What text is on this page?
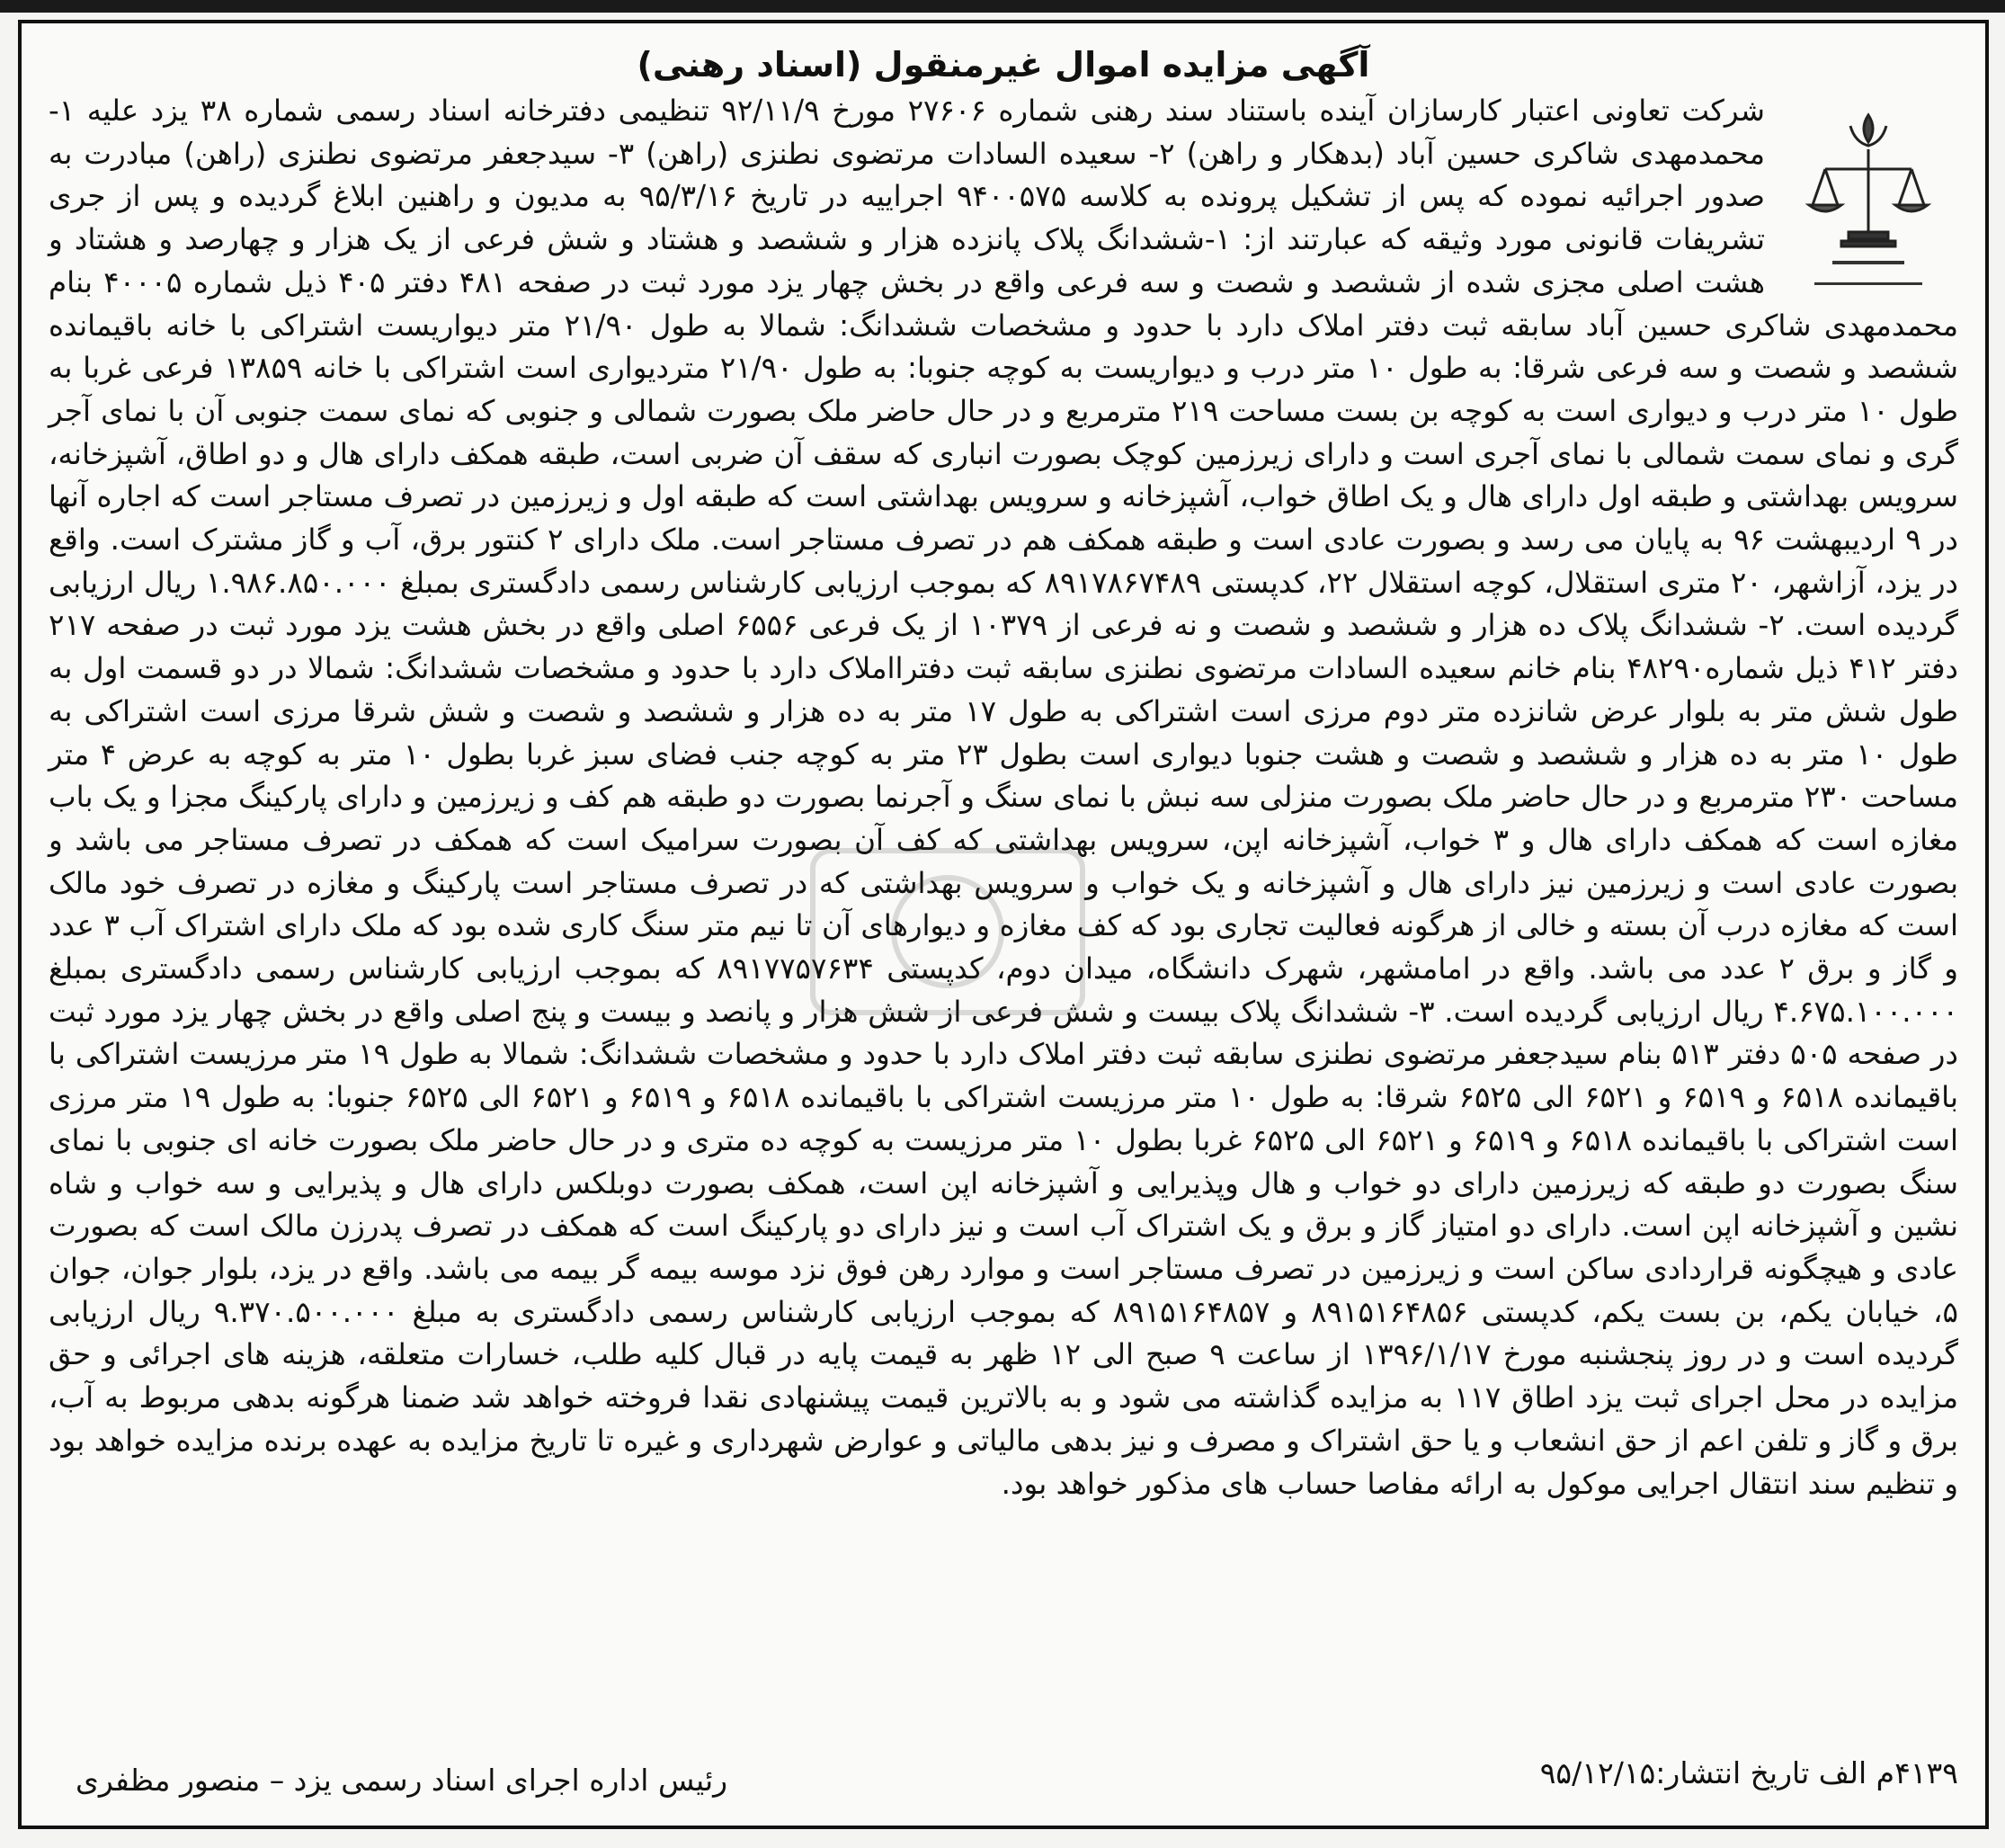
آگهی مزایده اموال غیرمنقول (اسناد رهنی)
شرکت تعاونی اعتبار کارسازان آینده باستناد سند رهنی شماره ۲۷۶۰۶ مورخ ۹۲/۱۱/۹ تنظیمی دفترخانه اسناد رسمی شماره ۳۸ یزد علیه ۱- محمدمهدی شاکری حسین آباد (بدهکار و راهن) ۲- سعیده السادات مرتضوی نطنزی (راهن) ۳- سیدجعفر مرتضوی نطنزی (راهن) مبادرت به صدور اجرائیه نموده که پس از تشکیل پرونده به کلاسه ۹۴۰۰۵۷۵ اجراییه در تاریخ ۹۵/۳/۱۶ به مدیون و راهنین ابلاغ گردیده و پس از جری تشریفات قانونی مورد وثیقه که عبارتند از: ۱-ششدانگ پلاک پانزده هزار و ششصد و هشتاد و شش فرعی از یک هزار و چهارصد و هشتاد و هشت اصلی مجزی شده از ششصد و شصت و سه فرعی واقع در بخش چهار یزد مورد ثبت در صفحه ۴۸۱ دفتر ۴۰۵ ذیل شماره ۴۰۰۰۵ بنام محمدمهدی شاکری حسین آباد سابقه ثبت دفتر املاک دارد با حدود و مشخصات ششدانگ: شمالا به طول ۲۱/۹۰ متر دیواریست اشتراکی با خانه باقیمانده ششصد و شصت و سه فرعی شرقا: به طول ۱۰ متر درب و دیواریست به کوچه جنوبا: به طول ۲۱/۹۰ متردیواری است اشتراکی با خانه ۱۳۸۵۹ فرعی غربا به طول ۱۰ متر درب و دیواری است به کوچه بن بست مساحت ۲۱۹ مترمربع و در حال حاضر ملک بصورت شمالی و جنوبی که نمای سمت جنوبی آن با نمای آجر گری و نمای سمت شمالی با نمای آجری است و دارای زیرزمین کوچک بصورت انباری که سقف آن ضربی است، طبقه همکف دارای هال و دو اطاق، آشپزخانه، سرویس بهداشتی و طبقه اول دارای هال و یک اطاق خواب، آشپزخانه و سرویس بهداشتی است که طبقه اول و زیرزمین در تصرف مستاجر است که اجاره آنها در ۹ اردیبهشت ۹۶ به پایان می رسد و بصورت عادی است و طبقه همکف هم در تصرف مستاجر است. ملک دارای ۲ کنتور برق، آب و گاز مشترک است. واقع در یزد، آزاشهر، ۲۰ متری استقلال، کوچه استقلال ۲۲، کدپستی ۸۹۱۷۸۶۷۴۸۹ که بموجب ارزیابی کارشناس رسمی دادگستری بمبلغ ۱.۹۸۶.۸۵۰.۰۰۰ ریال ارزیابی گردیده است. ۲- ششدانگ پلاک ده هزار و ششصد و شصت و نه فرعی از ۱۰۳۷۹ از یک فرعی ۶۵۵۶ اصلی واقع در بخش هشت یزد مورد ثبت در صفحه ۲۱۷ دفتر ۴۱۲ ذیل شماره۴۸۲۹۰ بنام خانم سعیده السادات مرتضوی نطنزی سابقه ثبت دفترااملاک دارد با حدود و مشخصات ششدانگ: شمالا در دو قسمت اول به طول شش متر به بلوار عرض شانزده متر دوم مرزی است اشتراکی به طول ۱۷ متر به ده هزار و ششصد و شصت و شش شرقا مرزی است اشتراکی به طول ۱۰ متر به ده هزار و ششصد و شصت و هشت جنوبا دیواری است بطول ۲۳ متر به کوچه جنب فضای سبز غربا بطول ۱۰ متر به کوچه به عرض ۴ متر مساحت ۲۳۰ مترمربع و در حال حاضر ملک بصورت منزلی سه نبش با نمای سنگ و آجرنما بصورت دو طبقه هم کف و زیرزمین و دارای پارکینگ مجزا و یک باب مغازه است که همکف دارای هال و ۳ خواب، آشپزخانه اپن، سرویس بهداشتی که کف آن بصورت سرامیک است که همکف در تصرف مستاجر می باشد و بصورت عادی است و زیرزمین نیز دارای هال و آشپزخانه و یک خواب و سرویس بهداشتی که در تصرف مستاجر است پارکینگ و مغازه در تصرف خود مالک است که مغازه درب آن بسته و خالی از هرگونه فعالیت تجاری بود که کف مغازه و دیوارهای آن تا نیم متر سنگ کاری شده بود که ملک دارای اشتراک آب ۳ عدد و گاز و برق ۲ عدد می باشد. واقع در امامشهر، شهرک دانشگاه، میدان دوم، کدپستی ۸۹۱۷۷۵۷۶۳۴ که بموجب ارزیابی کارشناس رسمی دادگستری بمبلغ ۴.۶۷۵.۱۰۰.۰۰۰ ریال ارزیابی گردیده است. ۳- ششدانگ پلاک بیست و شش فرعی از شش هزار و پانصد و بیست و پنج اصلی واقع در بخش چهار یزد مورد ثبت در صفحه ۵۰۵ دفتر ۵۱۳ بنام سیدجعفر مرتضوی نطنزی سابقه ثبت دفتر املاک دارد با حدود و مشخصات ششدانگ: شمالا به طول ۱۹ متر مرزیست اشتراکی با باقیمانده ۶۵۱۸ و ۶۵۱۹ و ۶۵۲۱ الی ۶۵۲۵ شرقا: به طول ۱۰ متر مرزیست اشتراکی با باقیمانده ۶۵۱۸ و ۶۵۱۹ و ۶۵۲۱ الی ۶۵۲۵ جنوبا: به طول ۱۹ متر مرزی است اشتراکی با باقیمانده ۶۵۱۸ و ۶۵۱۹ و ۶۵۲۱ الی ۶۵۲۵ غربا بطول ۱۰ متر مرزیست به کوچه ده متری و در حال حاضر ملک بصورت خانه ای جنوبی با نمای سنگ بصورت دو طبقه که زیرزمین دارای دو خواب و هال وپذیرایی و آشپزخانه اپن است، همکف بصورت دوبلکس دارای هال و پذیرایی و سه خواب و شاه نشین و آشپزخانه اپن است. دارای دو امتیاز گاز و برق و یک اشتراک آب است و نیز دارای دو پارکینگ است که همکف در تصرف پدرزن مالک است که بصورت عادی و هیچگونه قراردادی ساکن است و زیرزمین در تصرف مستاجر است و موارد رهن فوق نزد موسه بیمه گر بیمه می باشد. واقع در یزد، بلوار جوان، جوان ۵، خیابان یکم، بن بست یکم، کدپستی ۸۹۱۵۱۶۴۸۵۶ و ۸۹۱۵۱۶۴۸۵۷ که بموجب ارزیابی کارشناس رسمی دادگستری به مبلغ ۹.۳۷۰.۵۰۰.۰۰۰ ریال ارزیابی گردیده است و در روز پنجشنبه مورخ ۱۳۹۶/۱/۱۷ از ساعت ۹ صبح الی ۱۲ ظهر به قیمت پایه در قبال کلیه طلب، خسارات متعلقه، هزینه های اجرائی و حق مزایده در محل اجرای ثبت یزد اطاق ۱۱۷ به مزایده گذاشته می شود و به بالاترین قیمت پیشنهادی نقدا فروخته خواهد شد ضمنا هرگونه بدهی مربوط به آب، برق و گاز و تلفن اعم از حق انشعاب و یا حق اشتراک و مصرف و نیز بدهی مالیاتی و عوارض شهرداری و غیره تا تاریخ مزایده به عهده برنده مزایده خواهد بود و تنظیم سند انتقال اجرایی موکول به ارائه مفاصا حساب های مذکور خواهد بود.
۴۱۳۹م الف تاریخ انتشار:۹۵/۱۲/۱۵
رئیس اداره اجرای اسناد رسمی یزد – منصور مظفری
